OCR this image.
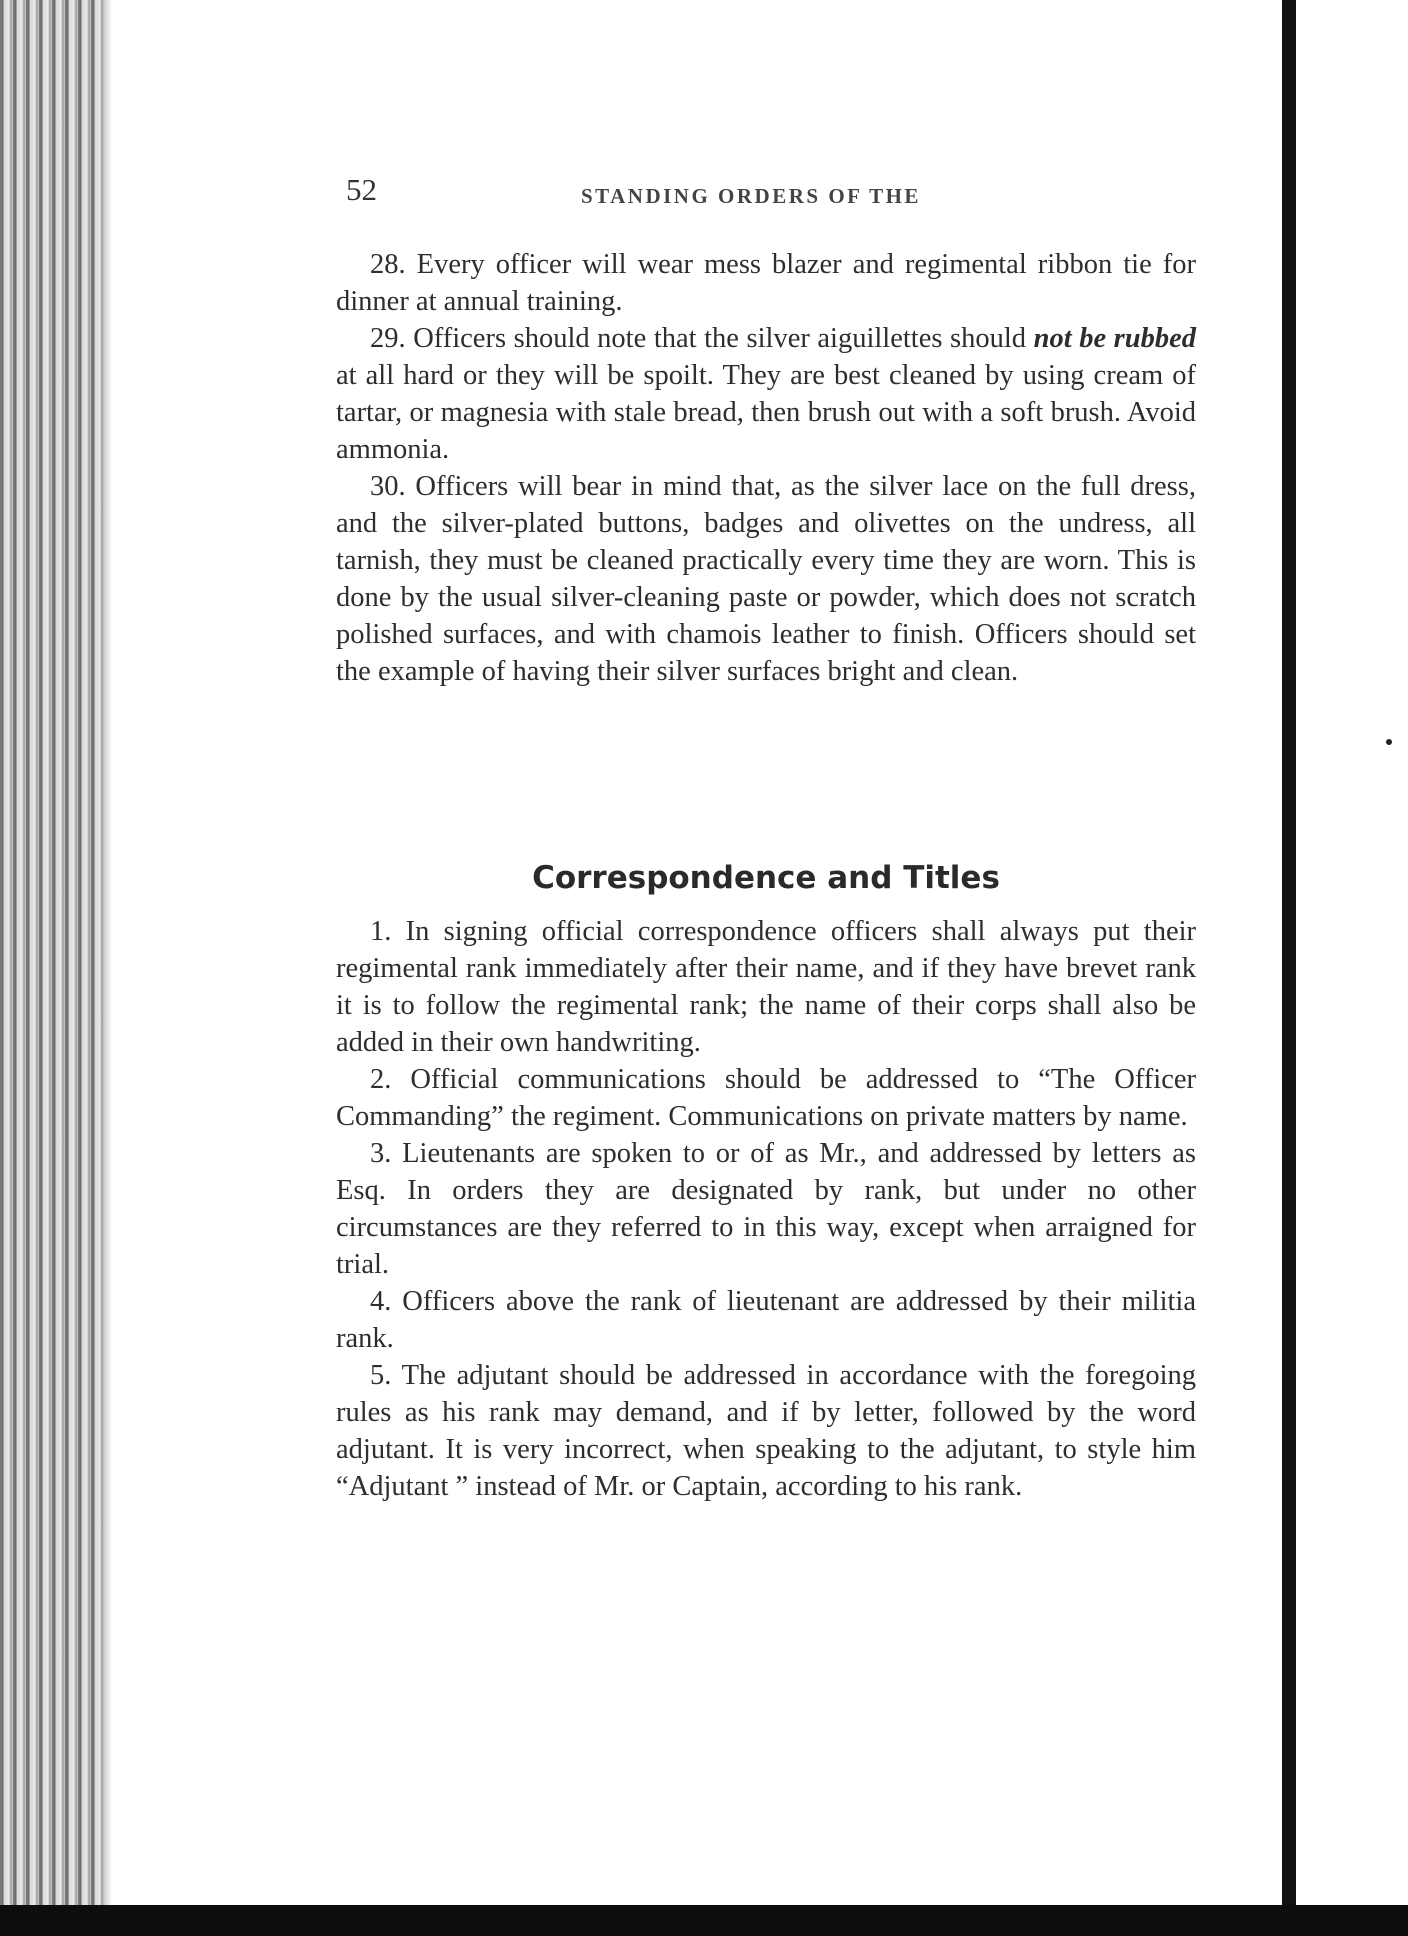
52	STANDING ORDERS OF THE

28. Every officer will wear mess blazer and regimental ribbon tie for dinner at annual training.

29. Officers should note that the silver aiguillettes should not be rubbed at all hard or they will be spoilt. They are best cleaned by using cream of tartar, or magnesia with stale bread, then brush out with a soft brush. Avoid ammonia.

30. Officers will bear in mind that, as the silver lace on the full dress, and the silver-plated buttons, badges and olivettes on the undress, all tarnish, they must be cleaned practically every time they are worn. This is done by the usual silver-cleaning paste or powder, which does not scratch polished surfaces, and with chamois leather to finish. Officers should set the example of having their silver surfaces bright and clean.

Correspondence and Titles

1. In signing official correspondence officers shall always put their regimental rank immediately after their name, and if they have brevet rank it is to follow the regimental rank; the name of their corps shall also be added in their own handwriting.

2. Official communications should be addressed to “The Officer Commanding” the regiment. Communications on private matters by name.

3. Lieutenants are spoken to or of as Mr., and addressed by letters as Esq. In orders they are designated by rank, but under no other circumstances are they referred to in this way, except when arraigned for trial.

4. Officers above the rank of lieutenant are addressed by their militia rank.

5. The adjutant should be addressed in accordance with the foregoing rules as his rank may demand, and if by letter, followed by the word adjutant. It is very incorrect, when speaking to the adjutant, to style him “Adjutant ” instead of Mr. or Captain, according to his rank.
